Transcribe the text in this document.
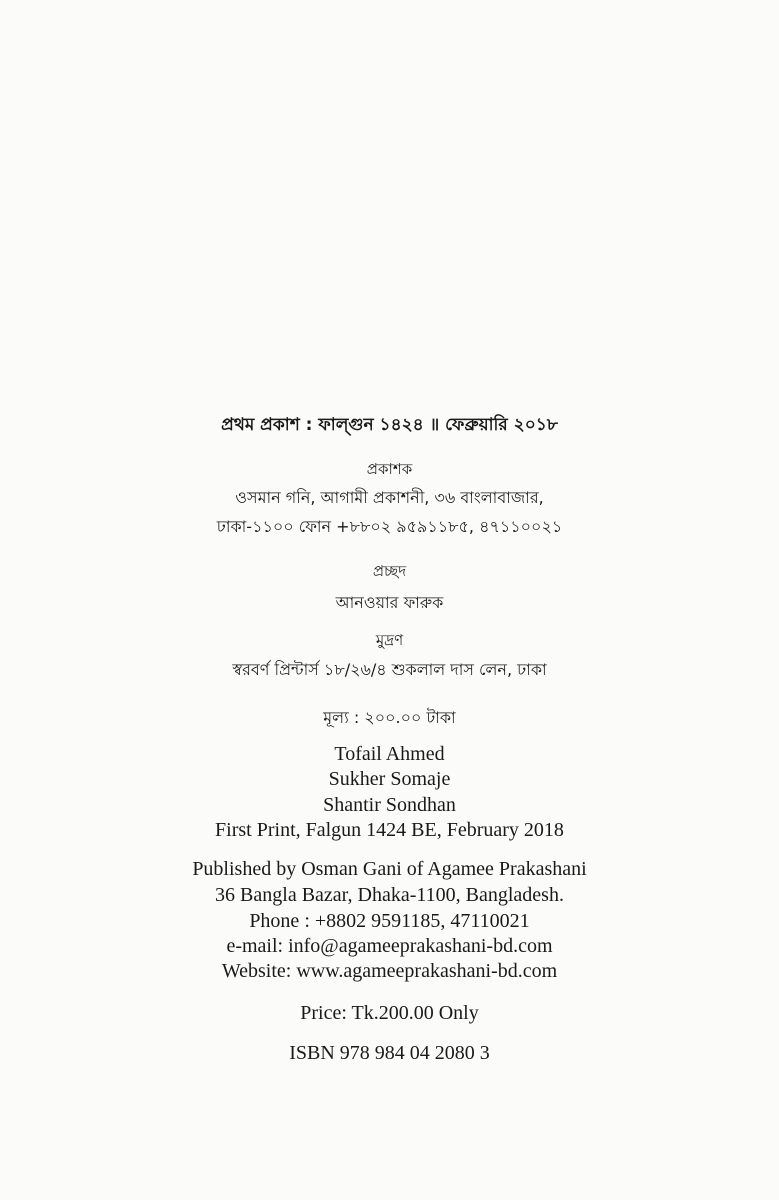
প্রথম প্রকাশ : ফাল্গুন ১৪২৪ ॥ ফেব্রুয়ারি ২০১৮
প্রকাশক
ওসমান গনি, আগামী প্রকাশনী, ৩৬ বাংলাবাজার,
ঢাকা-১১০০ ফোন +৮৮০২ ৯৫৯১১৮৫, ৪৭১১০০২১
প্রচ্ছদ
আনওয়ার ফারুক
মুদ্রণ
স্বরবর্ণ প্রিন্টার্স ১৮/২৬/৪ শুকলাল দাস লেন, ঢাকা
মূল্য : ২০০.০০ টাকা
Tofail Ahmed
Sukher Somaje
Shantir Sondhan
First Print, Falgun 1424 BE, February 2018
Published by Osman Gani of Agamee Prakashani
36 Bangla Bazar, Dhaka-1100, Bangladesh.
Phone : +8802 9591185, 47110021
e-mail: info@agameeprakashani-bd.com
Website: www.agameeprakashani-bd.com
Price: Tk.200.00 Only
ISBN 978 984 04 2080 3
